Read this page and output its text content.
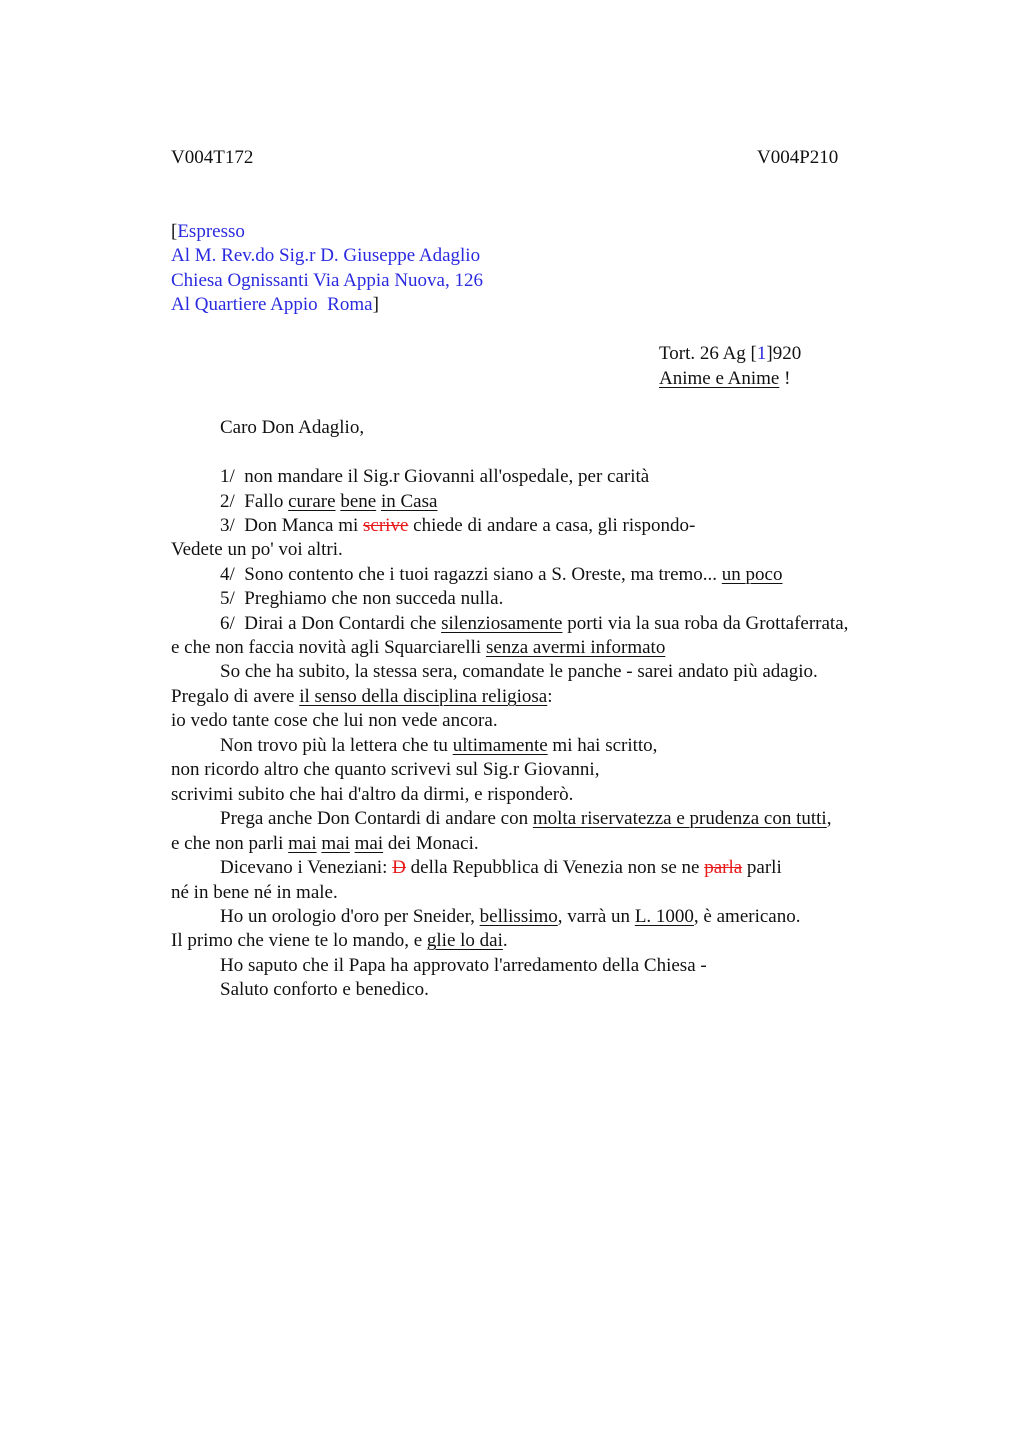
V004T172	V004P210
[Espresso
Al M. Rev.do Sig.r D. Giuseppe Adaglio
Chiesa Ognissanti Via Appia Nuova, 126
Al Quartiere Appio  Roma]
Tort. 26 Ag [1]920
Anime e Anime !
Caro Don Adaglio,
1/  non mandare il Sig.r Giovanni all'ospedale, per carità
2/  Fallo curare bene in Casa
3/  Don Manca mi scrive chiede di andare a casa, gli rispondo-
Vedete un po' voi altri.
4/  Sono contento che i tuoi ragazzi siano a S. Oreste, ma tremo... un poco
5/  Preghiamo che non succeda nulla.
6/  Dirai a Don Contardi che silenziosamente porti via la sua roba da Grottaferrata,
e che non faccia novità agli Squarciarelli senza avermi informato
So che ha subito, la stessa sera, comandate le panche - sarei andato più adagio.
Pregalo di avere il senso della disciplina religiosa:
io vedo tante cose che lui non vede ancora.
Non trovo più la lettera che tu ultimamente mi hai scritto,
non ricordo altro che quanto scrivevi sul Sig.r Giovanni,
scrivimi subito che hai d'altro da dirmi, e risponderò.
Prega anche Don Contardi di andare con molta riservatezza e prudenza con tutti,
e che non parli mai mai mai dei Monaci.
Dicevano i Veneziani: D della Repubblica di Venezia non se ne parla parli
né in bene né in male.
Ho un orologio d'oro per Sneider, bellissimo, varrà un L. 1000, è americano.
Il primo che viene te lo mando, e glie lo dai.
Ho saputo che il Papa ha approvato l'arredamento della Chiesa -
Saluto conforto e benedico.
